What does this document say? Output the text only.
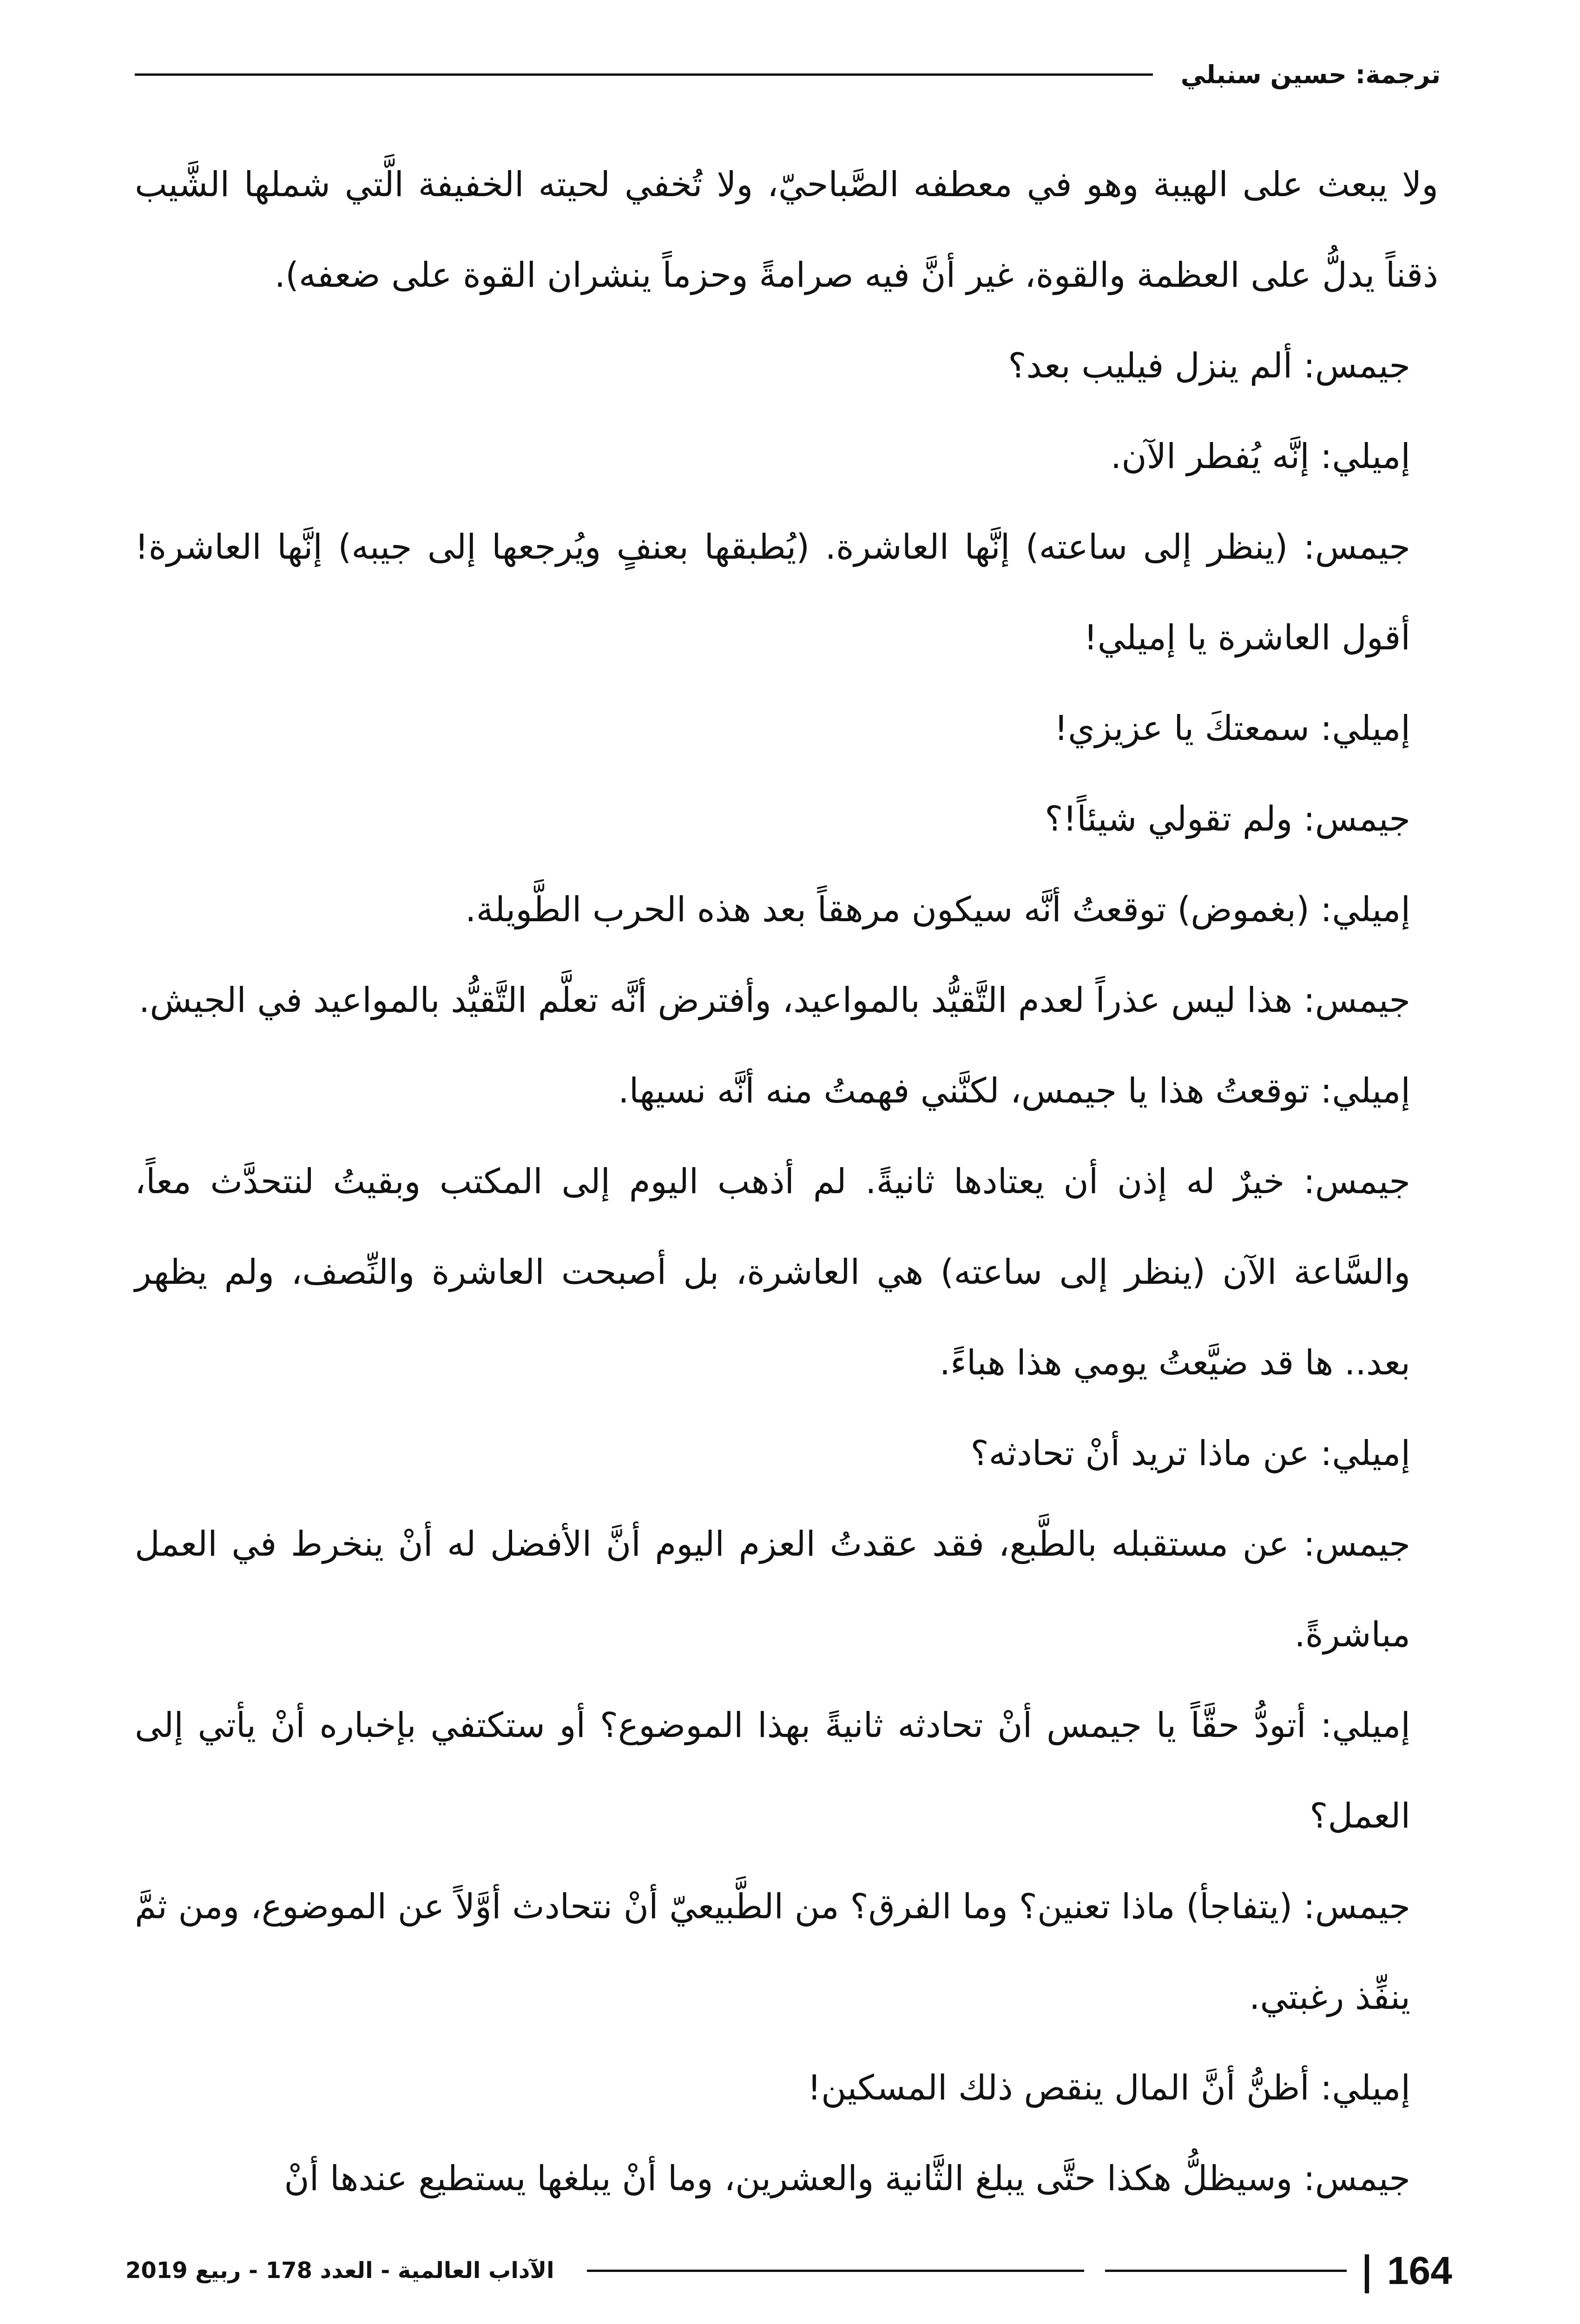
ترجمة: حسين سنبلي

ولا يبعث على الهيبة وهو في معطفه الصَّباحيّ، ولا تُخفي لحيته الخفيفة الَّتي شملها الشَّيب ذقناً يدلُّ على العظمة والقوة، غير أنَّ فيه صرامةً وحزماً ينشران القوة على ضعفه).

جيمس: ألم ينزل فيليب بعد؟

إميلي: إنَّه يُفطر الآن.

جيمس: (ينظر إلى ساعته) إنَّها العاشرة. (يُطبقها بعنفٍ ويُرجعها إلى جيبه) إنَّها العاشرة! أقول العاشرة يا إميلي!

إميلي: سمعتكَ يا عزيزي!

جيمس: ولم تقولي شيئاً!؟

إميلي: (بغموض) توقعتُ أنَّه سيكون مرهقاً بعد هذه الحرب الطَّويلة.

جيمس: هذا ليس عذراً لعدم التَّقيُّد بالمواعيد، وأفترض أنَّه تعلَّم التَّقيُّد بالمواعيد في الجيش.

إميلي: توقعتُ هذا يا جيمس، لكنَّني فهمتُ منه أنَّه نسيها.

جيمس: خيرٌ له إذن أن يعتادها ثانيةً. لم أذهب اليوم إلى المكتب وبقيتُ لنتحدَّث معاً، والسَّاعة الآن (ينظر إلى ساعته) هي العاشرة، بل أصبحت العاشرة والنِّصف، ولم يظهر بعد.. ها قد ضيَّعتُ يومي هذا هباءً.

إميلي: عن ماذا تريد أنْ تحادثه؟

جيمس: عن مستقبله بالطَّبع، فقد عقدتُ العزم اليوم أنَّ الأفضل له أنْ ينخرط في العمل مباشرةً.

إميلي: أتودُّ حقَّاً يا جيمس أنْ تحادثه ثانيةً بهذا الموضوع؟ أو ستكتفي بإخباره أنْ يأتي إلى العمل؟

جيمس: (يتفاجأ) ماذا تعنين؟ وما الفرق؟ من الطَّبيعيّ أنْ نتحادث أوَّلاً عن الموضوع، ومن ثمَّ ينفِّذ رغبتي.

إميلي: أظنُّ أنَّ المال ينقص ذلك المسكين!

جيمس: وسيظلُّ هكذا حتَّى يبلغ الثَّانية والعشرين، وما أنْ يبلغها يستطيع عندها أنْ

164
|
الآداب العالمية - العدد 178 - ربيع 2019
